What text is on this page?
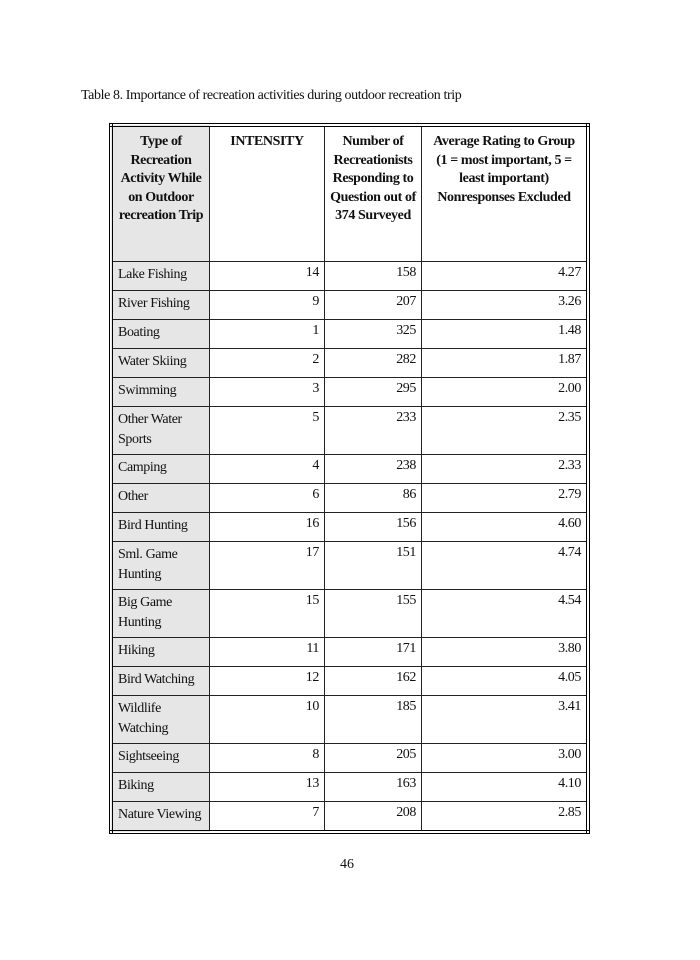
Table 8. Importance of recreation activities during outdoor recreation trip
Type of Recreation Activity While on Outdoor recreation Trip	INTENSITY	Number of Recreationists Responding to Question out of 374 Surveyed	Average Rating to Group (1 = most important, 5 = least important) Nonresponses Excluded
Lake Fishing	14	158	4.27
River Fishing	9	207	3.26
Boating	1	325	1.48
Water Skiing	2	282	1.87
Swimming	3	295	2.00
Other Water Sports	5	233	2.35
Camping	4	238	2.33
Other	6	86	2.79
Bird Hunting	16	156	4.60
Sml. Game Hunting	17	151	4.74
Big Game Hunting	15	155	4.54
Hiking	11	171	3.80
Bird Watching	12	162	4.05
Wildlife Watching	10	185	3.41
Sightseeing	8	205	3.00
Biking	13	163	4.10
Nature Viewing	7	208	2.85
46
